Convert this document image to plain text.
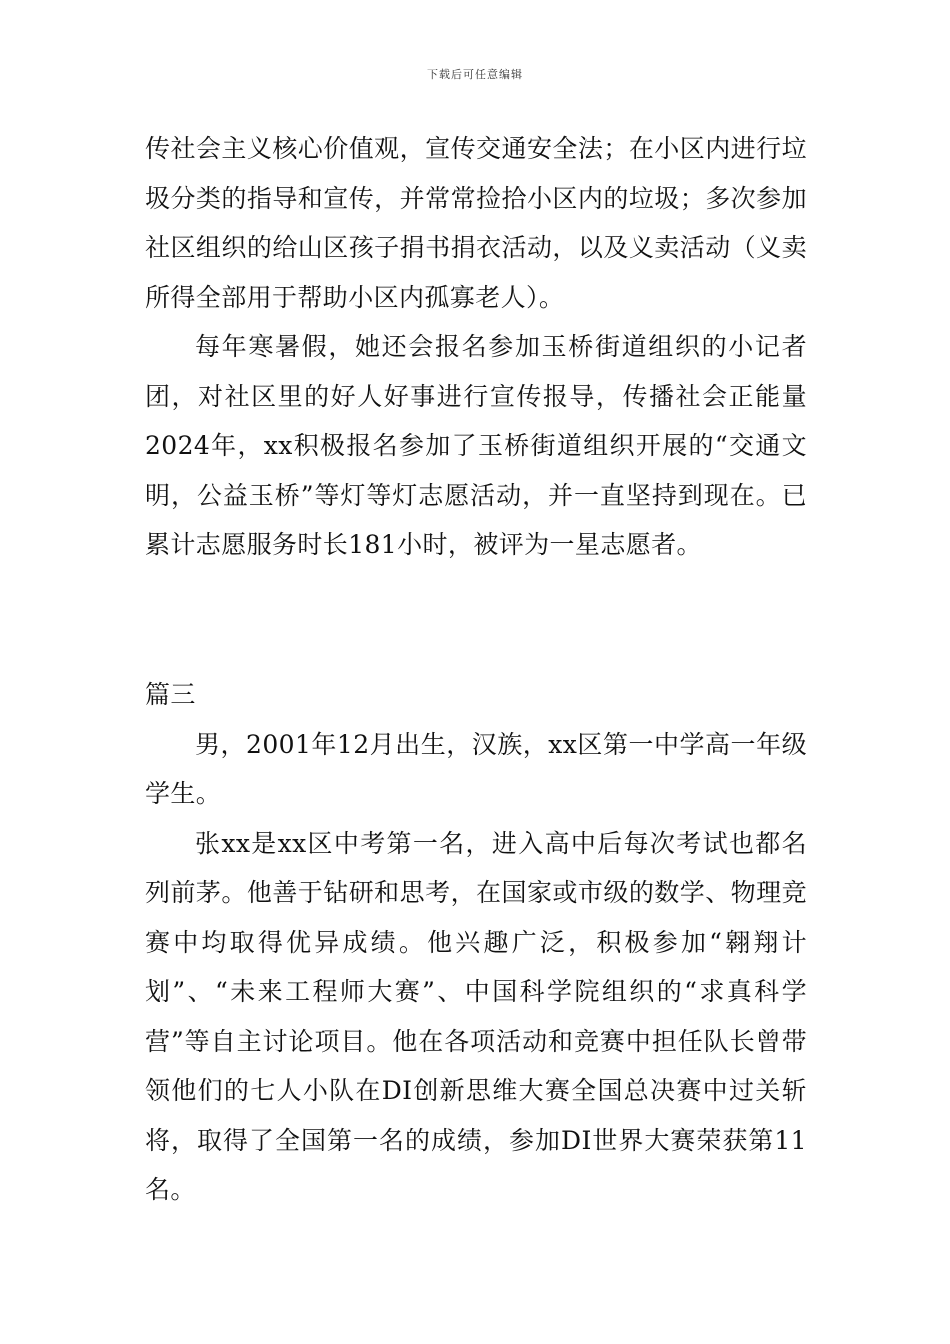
下载后可任意编辑

传社会主义核心价值观，宣传交通安全法；在小区内进行垃圾分类的指导和宣传，并常常捡拾小区内的垃圾；多次参加社区组织的给山区孩子捐书捐衣活动，以及义卖活动（义卖所得全部用于帮助小区内孤寡老人）。

每年寒暑假，她还会报名参加玉桥街道组织的小记者团，对社区里的好人好事进行宣传报导，传播社会正能量2024年，xx积极报名参加了玉桥街道组织开展的“交通文明，公益玉桥”等灯等灯志愿活动，并一直坚持到现在。已累计志愿服务时长181小时，被评为一星志愿者。

篇三

男，2001年12月出生，汉族，xx区第一中学高一年级学生。

张xx是xx区中考第一名，进入高中后每次考试也都名列前茅。他善于钻研和思考，在国家或市级的数学、物理竞赛中均取得优异成绩。他兴趣广泛，积极参加“翱翔计划”、“未来工程师大赛”、中国科学院组织的“求真科学营”等自主讨论项目。他在各项活动和竞赛中担任队长曾带领他们的七人小队在DI创新思维大赛全国总决赛中过关斩将，取得了全国第一名的成绩，参加DI世界大赛荣获第11名。
